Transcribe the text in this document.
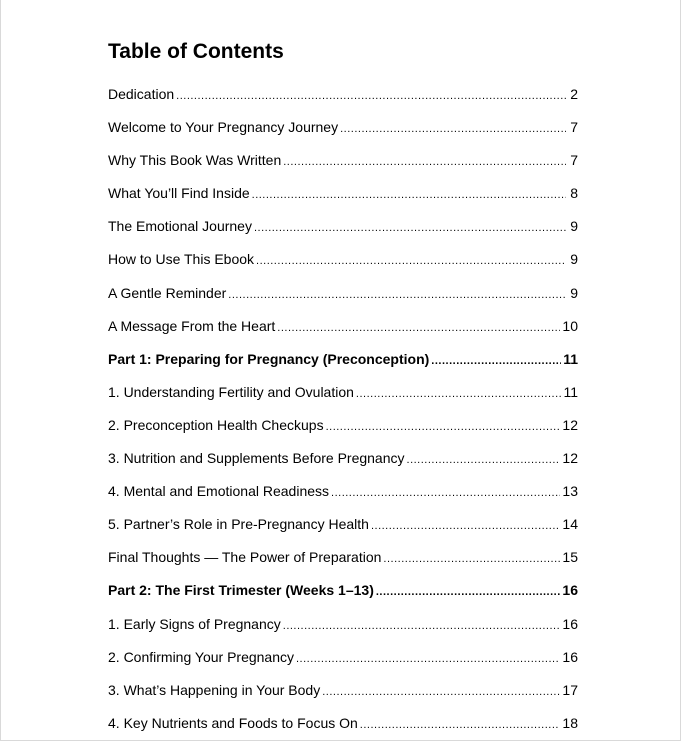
Table of Contents
Dedication .....	2
Welcome to Your Pregnancy Journey .....	7
Why This Book Was Written .....	7
What You’ll Find Inside .....	8
The Emotional Journey .....	9
How to Use This Ebook .....	9
A Gentle Reminder .....	9
A Message From the Heart .....	10
Part 1: Preparing for Pregnancy (Preconception) .....	11
1. Understanding Fertility and Ovulation .....	11
2. Preconception Health Checkups .....	12
3. Nutrition and Supplements Before Pregnancy .....	12
4. Mental and Emotional Readiness .....	13
5. Partner’s Role in Pre-Pregnancy Health .....	14
Final Thoughts — The Power of Preparation .....	15
Part 2: The First Trimester (Weeks 1–13) .....	16
1. Early Signs of Pregnancy .....	16
2. Confirming Your Pregnancy .....	16
3. What’s Happening in Your Body .....	17
4. Key Nutrients and Foods to Focus On .....	18
